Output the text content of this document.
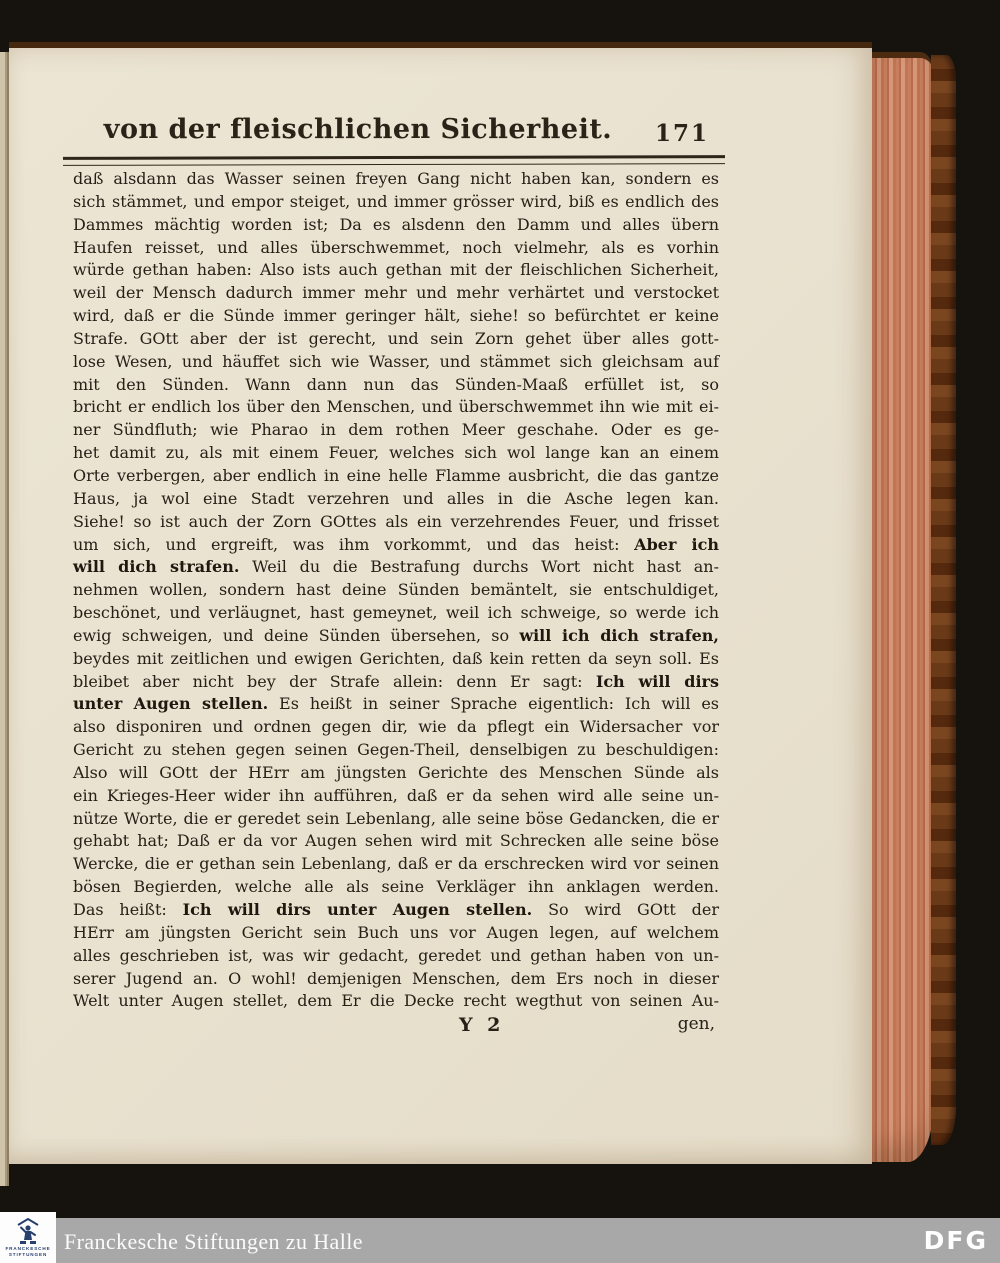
von der fleischlichen Sicherheit.	171
daß alsdann das Wasser seinen freyen Gang nicht haben kan, sondern es
sich stämmet, und empor steiget, und immer grösser wird, biß es endlich des
Dammes mächtig worden ist; Da es alsdenn den Damm und alles übern
Haufen reisset, und alles überschwemmet, noch vielmehr, als es vorhin
würde gethan haben: Also ists auch gethan mit der fleischlichen Sicherheit,
weil der Mensch dadurch immer mehr und mehr verhärtet und verstocket
wird, daß er die Sünde immer geringer hält, siehe! so befürchtet er keine
Strafe. GOtt aber der ist gerecht, und sein Zorn gehet über alles gott-
lose Wesen, und häuffet sich wie Wasser, und stämmet sich gleichsam auf
mit den Sünden. Wann dann nun das Sünden-Maaß erfüllet ist, so
bricht er endlich los über den Menschen, und überschwemmet ihn wie mit ei-
ner Sündfluth; wie Pharao in dem rothen Meer geschahe. Oder es ge-
het damit zu, als mit einem Feuer, welches sich wol lange kan an einem
Orte verbergen, aber endlich in eine helle Flamme ausbricht, die das gantze
Haus, ja wol eine Stadt verzehren und alles in die Asche legen kan.
Siehe! so ist auch der Zorn GOttes als ein verzehrendes Feuer, und frisset
um sich, und ergreift, was ihm vorkommt, und das heist: Aber ich
will dich strafen. Weil du die Bestrafung durchs Wort nicht hast an-
nehmen wollen, sondern hast deine Sünden bemäntelt, sie entschuldiget,
beschönet, und verläugnet, hast gemeynet, weil ich schweige, so werde ich
ewig schweigen, und deine Sünden übersehen, so will ich dich strafen,
beydes mit zeitlichen und ewigen Gerichten, daß kein retten da seyn soll. Es
bleibet aber nicht bey der Strafe allein: denn Er sagt: Ich will dirs
unter Augen stellen. Es heißt in seiner Sprache eigentlich: Ich will es
also disponiren und ordnen gegen dir, wie da pflegt ein Widersacher vor
Gericht zu stehen gegen seinen Gegen-Theil, denselbigen zu beschuldigen:
Also will GOtt der HErr am jüngsten Gerichte des Menschen Sünde als
ein Krieges-Heer wider ihn aufführen, daß er da sehen wird alle seine un-
nütze Worte, die er geredet sein Lebenlang, alle seine böse Gedancken, die er
gehabt hat; Daß er da vor Augen sehen wird mit Schrecken alle seine böse
Wercke, die er gethan sein Lebenlang, daß er da erschrecken wird vor seinen
bösen Begierden, welche alle als seine Verkläger ihn anklagen werden.
Das heißt: Ich will dirs unter Augen stellen. So wird GOtt der
HErr am jüngsten Gericht sein Buch uns vor Augen legen, auf welchem
alles geschrieben ist, was wir gedacht, geredet und gethan haben von un-
serer Jugend an. O wohl! demjenigen Menschen, dem Ers noch in dieser
Welt unter Augen stellet, dem Er die Decke recht wegthut von seinen Au-
Y 2	gen,
FRANCKESCHE
STIFTUNGEN Franckesche Stiftungen zu Halle	DFG
